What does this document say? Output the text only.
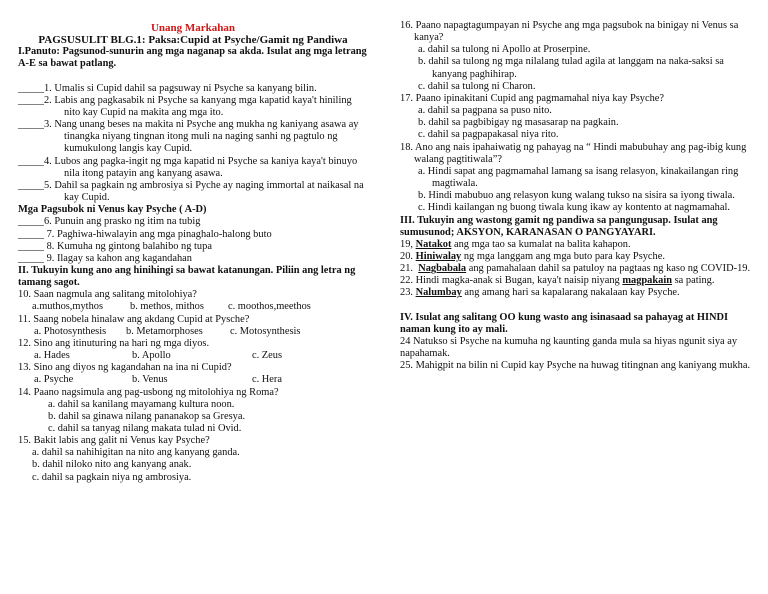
Unang Markahan
PAGSUSULIT BLG.1: Paksa:Cupid at Psyche/Gamit ng Pandiwa
I.Panuto: Pagsunod-sunurin ang mga naganap sa akda. Isulat ang mga letrang A-E sa bawat patlang.
_____1. Umalis si Cupid dahil sa pagsuway ni Psyche sa kanyang bilin.
_____2. Labis ang pagkasabik ni Psyche sa kanyang mga kapatid kaya't hiniling nito kay Cupid na makita ang mga ito.
_____3. Nang unang beses na makita ni Psyche ang mukha ng kaniyang asawa ay tinangka niyang tingnan itong muli na naging sanhi ng pagtulo ng kumukulong langis kay Cupid.
_____4. Lubos ang pagka-ingit ng mga kapatid ni Psyche sa kaniya kaya't binuyo nila itong patayin ang kanyang asawa.
_____5. Dahil sa pagkain ng ambrosiya si Pyche ay naging immortal at naikasal na kay Cupid.
Mga Pagsubok ni Venus kay Psyche ( A-D)
_____6. Punuin ang prasko ng itim na tubig
_____ 7. Paghiwa-hiwalayin ang mga pinaghalo-halong buto
_____ 8. Kumuha ng gintong balahibo ng tupa
_____ 9. Ilagay sa kahon ang kagandahan
II. Tukuyin kung ano ang hinihingi sa bawat katanungan. Piliin ang letra ng tamang sagot.
10. Saan nagmula ang salitang mitolohiya?
a.muthos,mythos	b. methos, mithos	c. moothos,meethos
11. Saang nobela hinalaw ang akdang Cupid at Pysche?
a. Photosynthesis	b. Metamorphoses	c. Motosynthesis
12. Sino ang itinuturing na hari ng mga diyos.
a. Hades	b. Apollo	c. Zeus
13. Sino ang diyos ng kagandahan na ina ni Cupid?
a. Psyche	b. Venus	c. Hera
14. Paano nagsimula ang pag-usbong ng mitolohiya ng Roma?
a. dahil sa kanilang mayamang kultura noon.
b. dahil sa ginawa nilang pananakop sa Gresya.
c. dahil sa tanyag nilang makata tulad ni Ovid.
15. Bakit labis ang galit ni Venus kay Psyche?
a. dahil sa nahihigitan na nito ang kanyang ganda.
b. dahil niloko nito ang kanyang anak.
c. dahil sa pagkain niya ng ambrosiya.
16. Paano napagtagumpayan ni Psyche ang mga pagsubok na binigay ni Venus sa kanya?
a. dahil sa tulong ni Apollo at Proserpine.
b. dahil sa tulong ng mga nilalang tulad agila at langgam na naka-saksi sa kanyang paghihirap.
c. dahil sa tulong ni Charon.
17. Paano ipinakitani Cupid ang pagmamahal niya kay Psyche?
a. dahil sa pagpana sa puso nito.
b. dahil sa pagbibigay ng masasarap na pagkain.
c. dahil sa pagpapakasal niya rito.
18. Ano ang nais ipahaiwatig ng pahayag na “ Hindi mabubuhay ang pag-ibig kung walang pagtitiwala”?
a. Hindi sapat ang pagmamahal lamang sa isang relasyon, kinakailangan ring magtiwala.
b. Hindi mabubuo ang relasyon kung walang tukso na sisira sa iyong tiwala.
c. Hindi kailangan ng buong tiwala kung ikaw ay kontento at nagmamahal.
III. Tukuyin ang wastong gamit ng pandiwa sa pangungusap. Isulat ang sumusunod; AKSYON, KARANASAN O PANGYAYARI.
19, Natakot ang mga tao sa kumalat na balita kahapon.
20. Hiniwalay ng mga langgam ang mga buto para kay Psyche.
21. Nagbabala ang pamahalaan dahil sa patuloy na pagtaas ng kaso ng COVID-19.
22. Hindi magka-anak si Bugan, kaya't naisip niyang magpakain sa pating.
23. Nalumbay ang amang hari sa kapalarang nakalaan kay Psyche.
IV. Isulat ang salitang OO kung wasto ang isinasaad sa pahayag at HINDI naman kung ito ay mali.
24 Natukso si Psyche na kumuha ng kaunting ganda mula sa hiyas ngunit siya ay napahamak.
25. Mahigpit na bilin ni Cupid kay Psyche na huwag titingnan ang kaniyang mukha.
